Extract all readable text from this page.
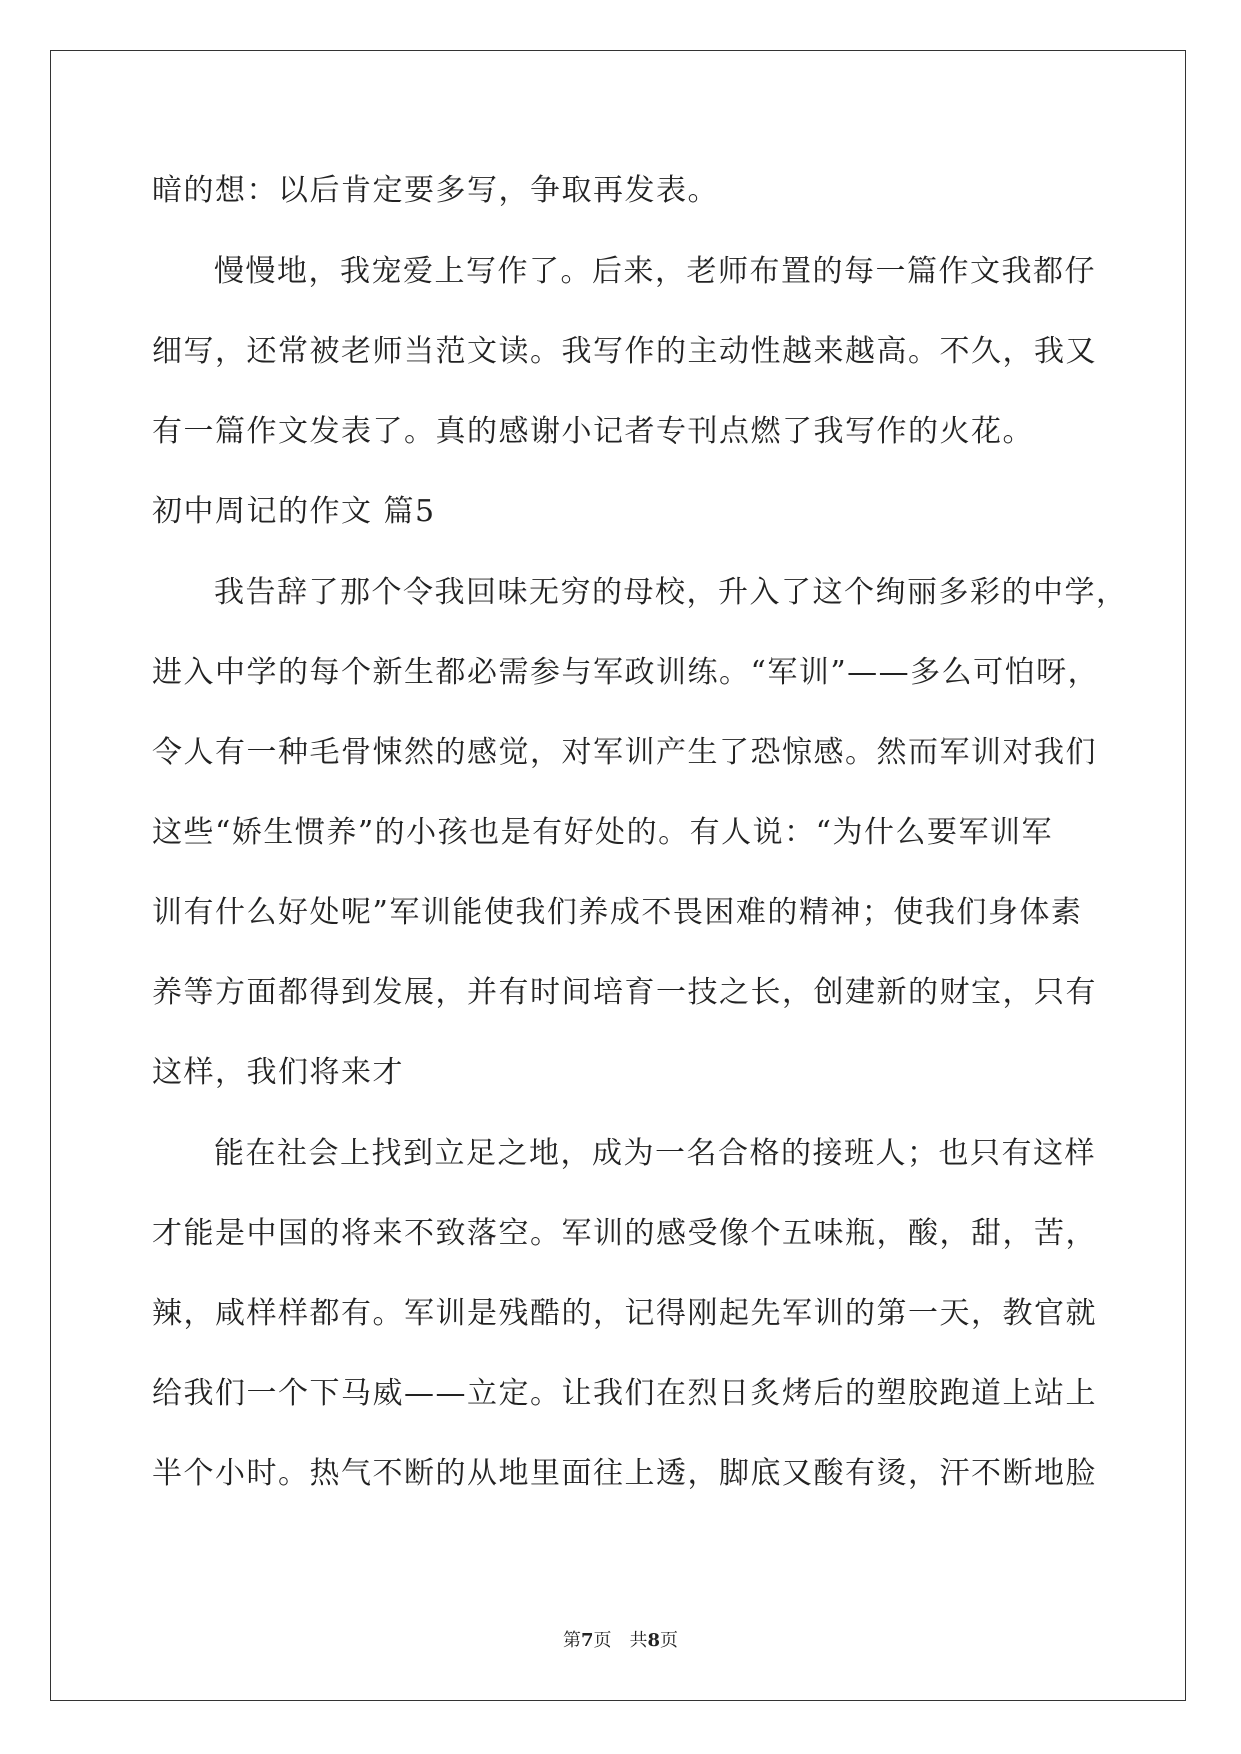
暗的想：以后肯定要多写，争取再发表。
慢慢地，我宠爱上写作了。后来，老师布置的每一篇作文我都仔
细写，还常被老师当范文读。我写作的主动性越来越高。不久，我又
有一篇作文发表了。真的感谢小记者专刊点燃了我写作的火花。
初中周记的作文 篇5
我告辞了那个令我回味无穷的母校，升入了这个绚丽多彩的中学，
进入中学的每个新生都必需参与军政训练。“军训”——多么可怕呀，
令人有一种毛骨悚然的感觉，对军训产生了恐惊感。然而军训对我们
这些“娇生惯养”的小孩也是有好处的。有人说：“为什么要军训军
训有什么好处呢”军训能使我们养成不畏困难的精神；使我们身体素
养等方面都得到发展，并有时间培育一技之长，创建新的财宝，只有
这样，我们将来才
能在社会上找到立足之地，成为一名合格的接班人；也只有这样
才能是中国的将来不致落空。军训的感受像个五味瓶，酸，甜，苦，
辣，咸样样都有。军训是残酷的，记得刚起先军训的第一天，教官就
给我们一个下马威——立定。让我们在烈日炙烤后的塑胶跑道上站上
半个小时。热气不断的从地里面往上透，脚底又酸有烫，汗不断地脸
第7页　共8页
